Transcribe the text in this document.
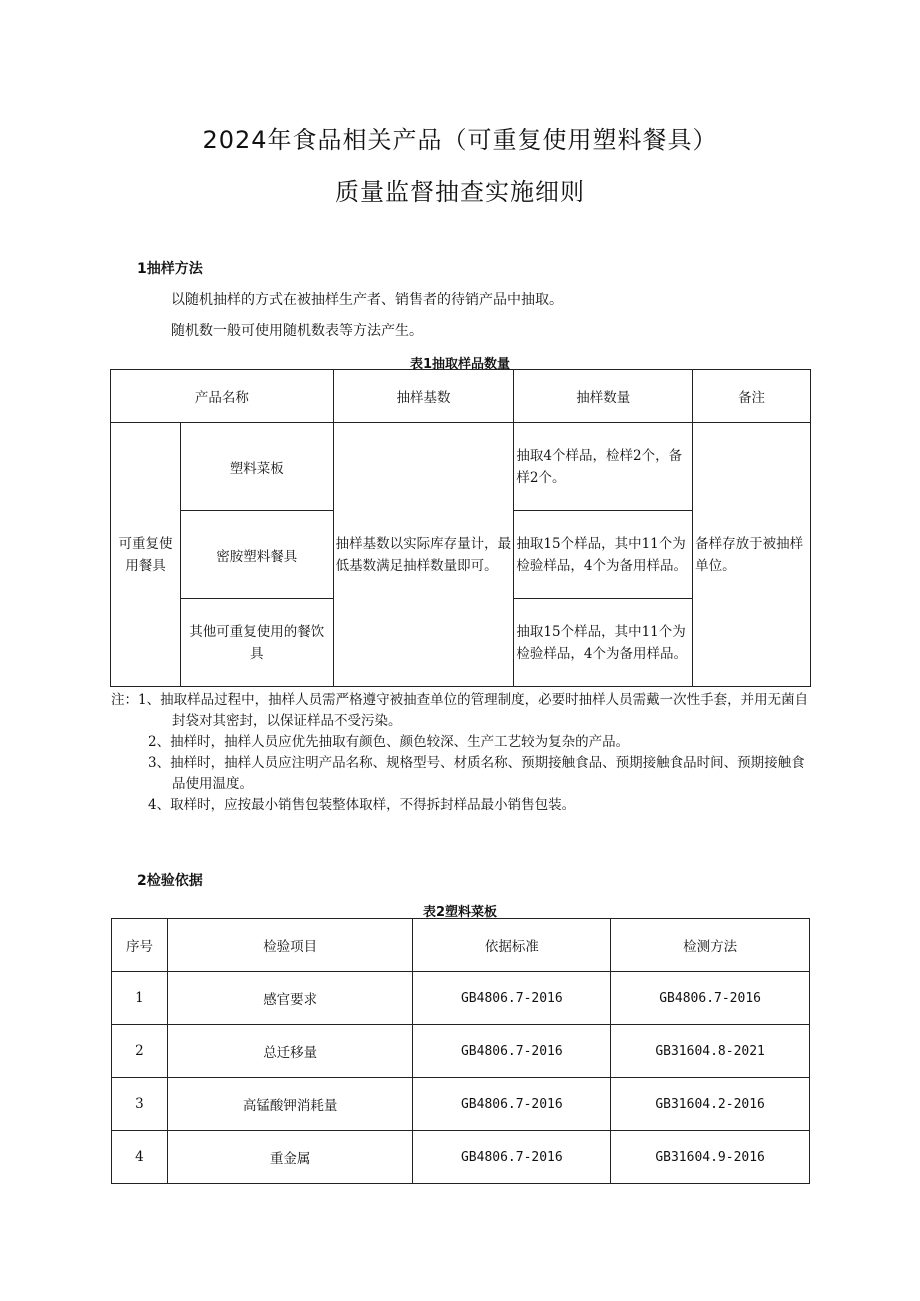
2024年食品相关产品（可重复使用塑料餐具）
质量监督抽查实施细则
1抽样方法
以随机抽样的方式在被抽样生产者、销售者的待销产品中抽取。
随机数一般可使用随机数表等方法产生。
表1抽取样品数量
产品名称		抽样基数	抽样数量	备注
可重复使用餐具	塑料菜板	抽样基数以实际库存量计，最低基数满足抽样数量即可。	抽取4个样品，检样2个，备样2个。	备样存放于被抽样单位。
	密胺塑料餐具		抽取15个样品，其中11个为检验样品，4个为备用样品。	
	其他可重复使用的餐饮具		抽取15个样品，其中11个为检验样品，4个为备用样品。	
注：1、抽取样品过程中，抽样人员需严格遵守被抽查单位的管理制度，必要时抽样人员需戴一次性手套，并用无菌自封袋对其密封，以保证样品不受污染。
2、抽样时，抽样人员应优先抽取有颜色、颜色较深、生产工艺较为复杂的产品。
3、抽样时，抽样人员应注明产品名称、规格型号、材质名称、预期接触食品、预期接触食品时间、预期接触食品使用温度。
4、取样时，应按最小销售包装整体取样，不得拆封样品最小销售包装。
2检验依据
表2塑料菜板
序号	检验项目	依据标准	检测方法
1	感官要求	GB4806.7-2016	GB4806.7-2016
2	总迁移量	GB4806.7-2016	GB31604.8-2021
3	高锰酸钾消耗量	GB4806.7-2016	GB31604.2-2016
4	重金属	GB4806.7-2016	GB31604.9-2016
